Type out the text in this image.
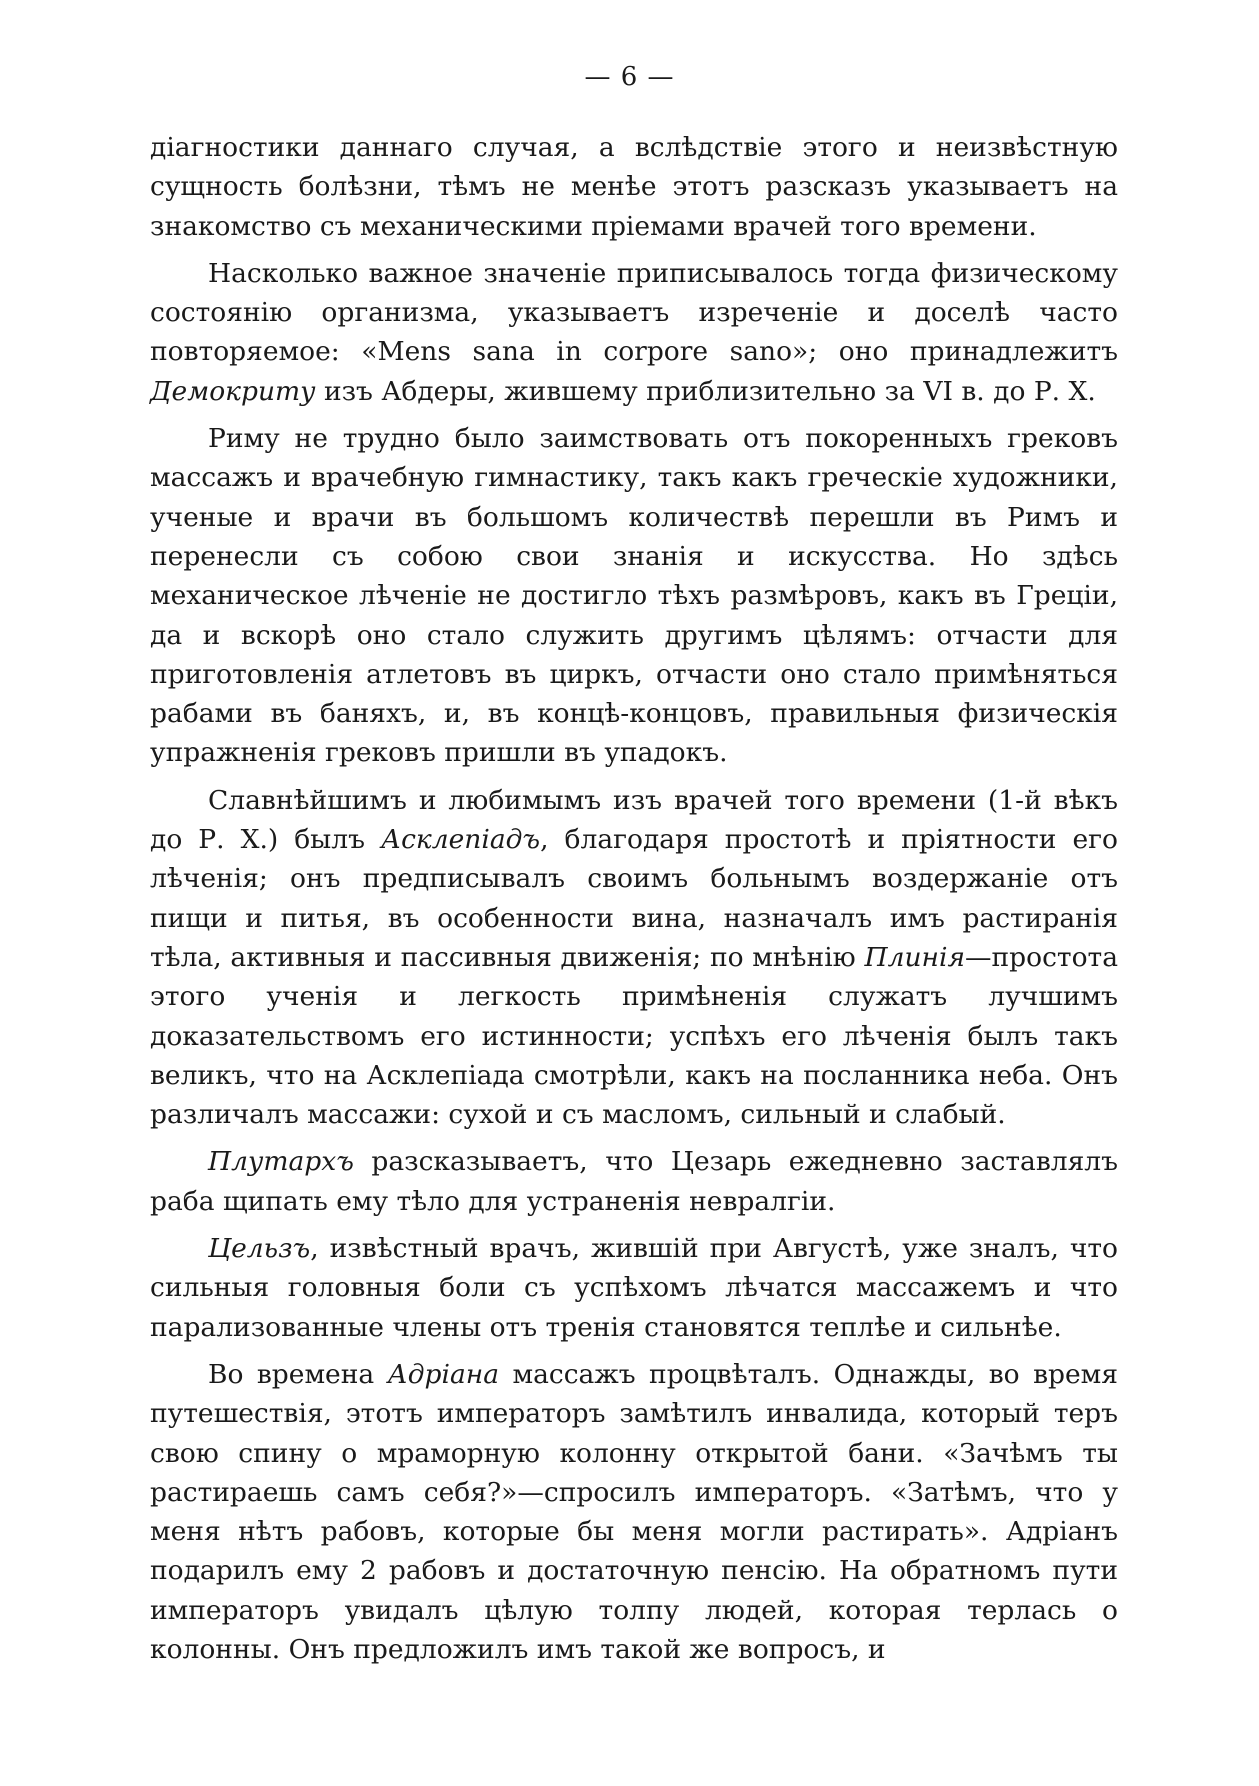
— 6 —

діагностики даннаго случая, а вслѣдствіе этого и неизвѣстную сущность болѣзни, тѣмъ не менѣе этотъ разсказъ указываетъ на знакомство съ механическими пріемами врачей того времени.

Насколько важное значеніе приписывалось тогда физическому состоянію организма, указываетъ изреченіе и доселѣ часто повторяемое: «Mens sana in corpore sano»; оно принадлежитъ Демокриту изъ Абдеры, жившему приблизительно за VI в. до Р. Х.

Риму не трудно было заимствовать отъ покоренныхъ грековъ массажъ и врачебную гимнастику, такъ какъ греческіе художники, ученые и врачи въ большомъ количествѣ перешли въ Римъ и перенесли съ собою свои знанія и искусства. Но здѣсь механическое лѣченіе не достигло тѣхъ размѣровъ, какъ въ Греціи, да и вскорѣ оно стало служить другимъ цѣлямъ: отчасти для приготовленія атлетовъ въ циркъ, отчасти оно стало примѣняться рабами въ баняхъ, и, въ концѣ-концовъ, правильныя физическія упражненія грековъ пришли въ упадокъ.

Славнѣйшимъ и любимымъ изъ врачей того времени (1-й вѣкъ до Р. Х.) былъ Асклепіадъ, благодаря простотѣ и пріятности его лѣченія; онъ предписывалъ своимъ больнымъ воздержаніе отъ пищи и питья, въ особенности вина, назначалъ имъ растиранія тѣла, активныя и пассивныя движенія; по мнѣнію Плинія—простота этого ученія и легкость примѣненія служатъ лучшимъ доказательствомъ его истинности; успѣхъ его лѣченія былъ такъ великъ, что на Асклепіада смотрѣли, какъ на посланника неба. Онъ различалъ массажи: сухой и съ масломъ, сильный и слабый.

Плутархъ разсказываетъ, что Цезарь ежедневно заставлялъ раба щипать ему тѣло для устраненія невралгіи.

Цельзъ, извѣстный врачъ, жившій при Августѣ, уже зналъ, что сильныя головныя боли съ успѣхомъ лѣчатся массажемъ и что парализованные члены отъ тренія становятся теплѣе и сильнѣе.

Во времена Адріана массажъ процвѣталъ. Однажды, во время путешествія, этотъ императоръ замѣтилъ инвалида, который теръ свою спину о мраморную колонну открытой бани. «Зачѣмъ ты растираешь самъ себя?»—спросилъ императоръ. «Затѣмъ, что у меня нѣтъ рабовъ, которые бы меня могли растирать». Адріанъ подарилъ ему 2 рабовъ и достаточную пенсію. На обратномъ пути императоръ увидалъ цѣлую толпу людей, которая терлась о колонны. Онъ предложилъ имъ такой же вопросъ, и
